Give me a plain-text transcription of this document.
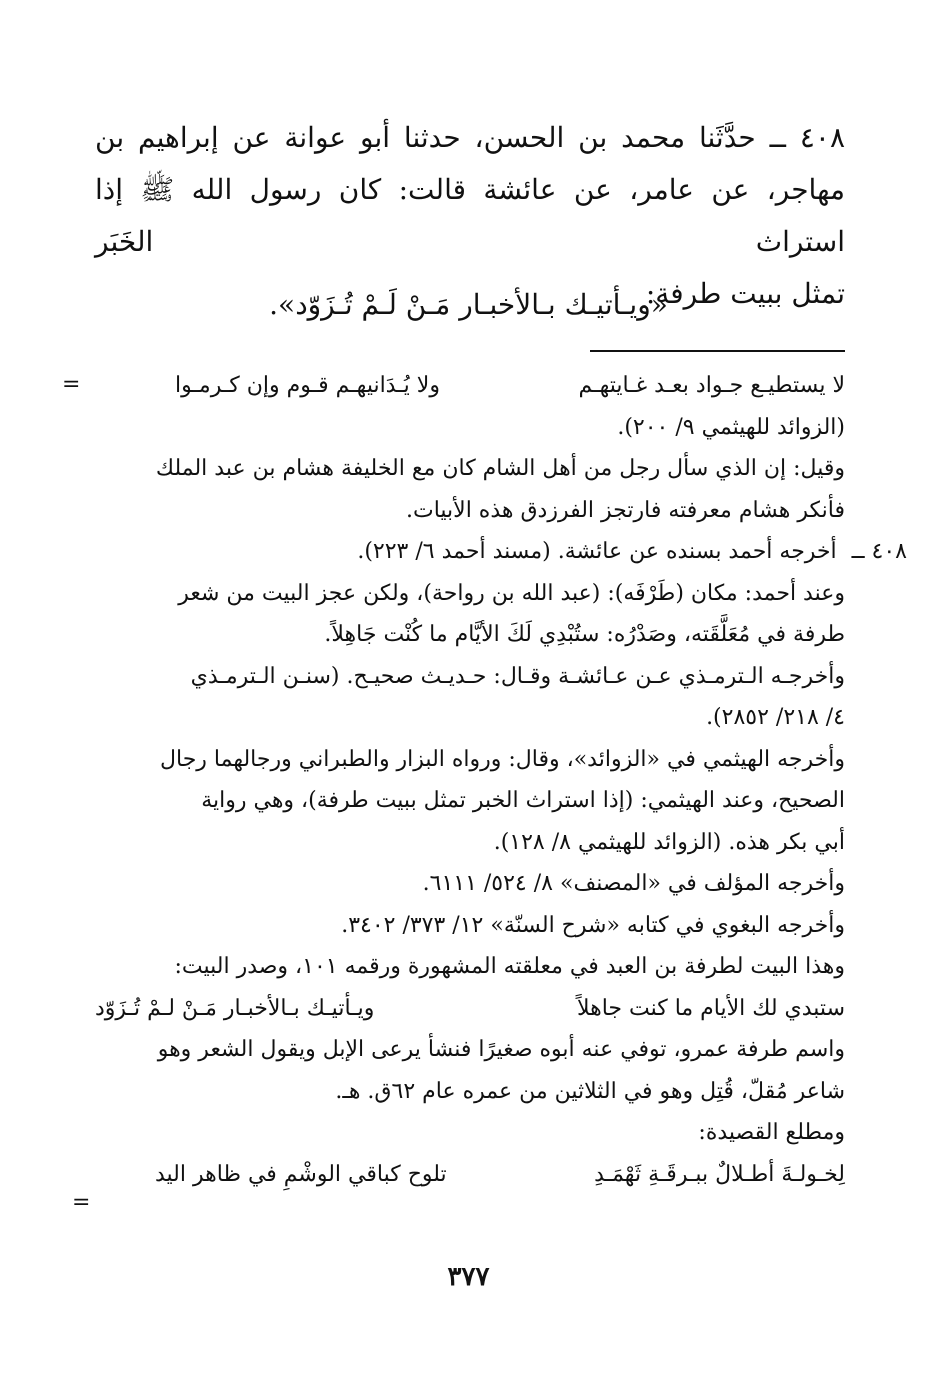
٤٠٨ ــ حدَّثَنا محمد بن الحسن، حدثنا أبو عوانة عن إبراهيم بن

مهاجر، عن عامر، عن عائشة قالت: كان رسول الله ﷺ إذا استراث الخَبَر

تمثل ببيت طرفة:

«ويـأتيـك بـالأخبـار مَـنْ لَـمْ تُـزَوّد».
=	لا يستطيـع جـواد بعـد غـايتهـم
ولا يُـدَانيهـم قـوم وإن كـرمـوا

(الزوائد للهيثمي ٩/ ٢٠٠).

وقيل: إن الذي سأل رجل من أهل الشام كان مع الخليفة هشام بن عبد الملك

فأنكر هشام معرفته فارتجز الفرزدق هذه الأبيات.

٤٠٨ ــ أخرجه أحمد بسنده عن عائشة. (مسند أحمد ٦/ ٢٢٣).

وعند أحمد: مكان (طَرْفَه): (عبد الله بن رواحة)، ولكن عجز البيت من شعر

طرفة في مُعَلَّقَته، وصَدْرُه: ستُبْدِي لَكَ الأيَّام ما كُنْت جَاهِلاً.

وأخرجـه الـترمـذي عـن عـائشـة وقـال: حـديـث صحيـح. (سنـن الـترمـذي

٤/ ٢١٨/ ٢٨٥٢).

وأخرجه الهيثمي في «الزوائد»، وقال: ورواه البزار والطبراني ورجالهما رجال

الصحيح، وعند الهيثمي: (إذا استراث الخبر تمثل ببيت طرفة)، وهي رواية

أبي بكر هذه. (الزوائد للهيثمي ٨/ ١٢٨).

وأخرجه المؤلف في «المصنف» ٨/ ٥٢٤/ ٦١١١.

وأخرجه البغوي في كتابه «شرح السنّة» ١٢/ ٣٧٣/ ٣٤٠٢.

وهذا البيت لطرفة بن العبد في معلقته المشهورة ورقمه ١٠١، وصدر البيت:

ستبدي لك الأيام ما كنت جاهلاً
ويـأتيـك بـالأخبـار مَـنْ لـمْ تُـزَوّد

واسم طرفة عمرو، توفي عنه أبوه صغيرًا فنشأ يرعى الإبل ويقول الشعر وهو

شاعر مُقلّ، قُتِل وهو في الثلاثين من عمره عام ٦٢ق. هـ.

ومطلع القصيدة:

لِخـولـةَ أطـلالٌ ببـرقَـةِ ثَهْمَـدِ
تلوح كباقي الوشْمِ في ظاهر اليد
=
٣٧٧
